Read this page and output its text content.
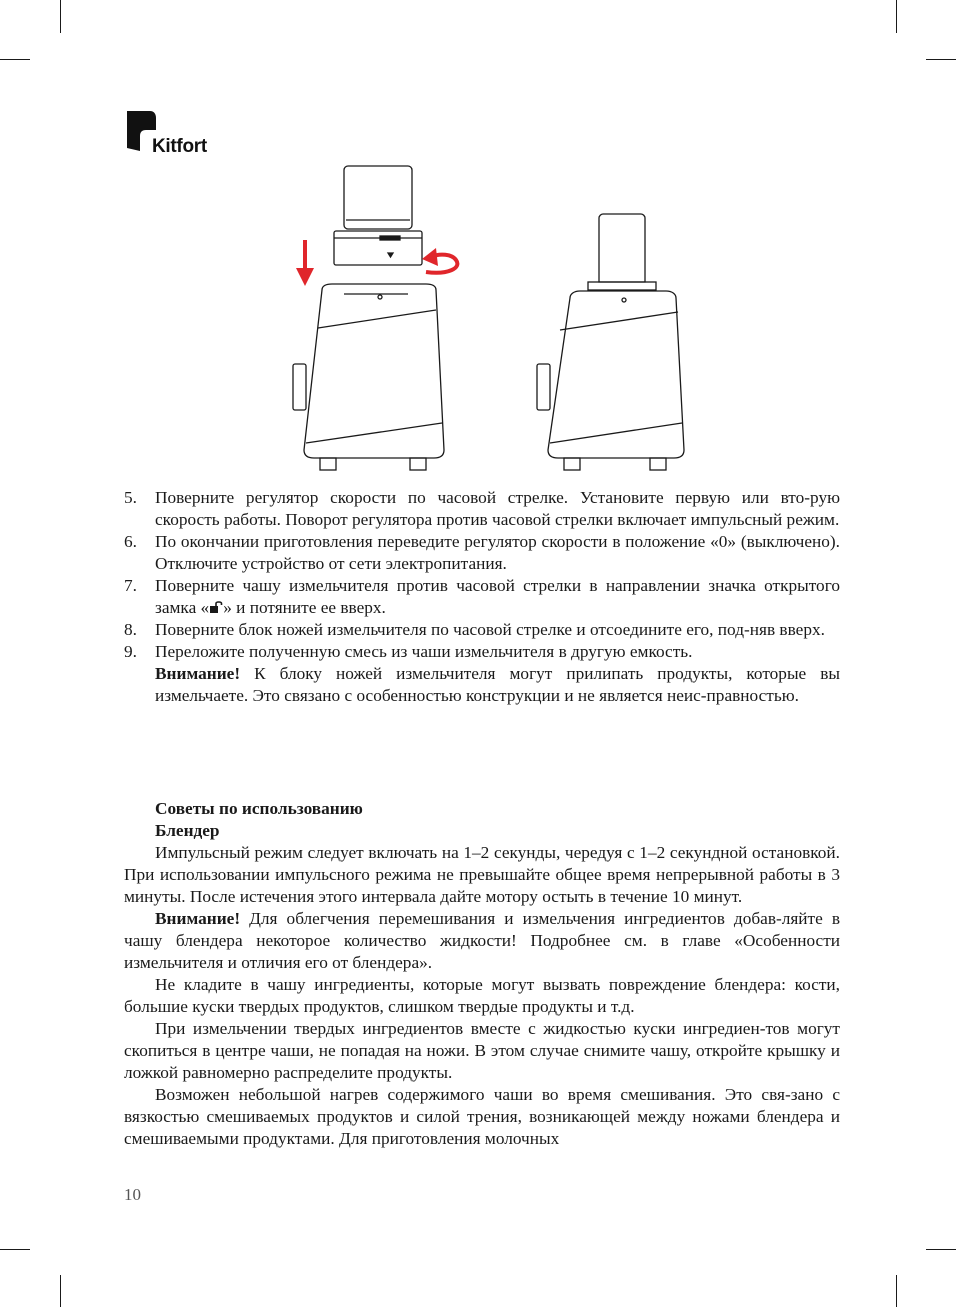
Kitfort
5. Поверните регулятор скорости по часовой стрелке. Установите первую или вто-рую скорость работы. Поворот регулятора против часовой стрелки включает импульсный режим.
6. По окончании приготовления переведите регулятор скорости в положение «0» (выключено). Отключите устройство от сети электропитания.
7. Поверните чашу измельчителя против часовой стрелки в направлении значка открытого замка « » и потяните ее вверх.
8. Поверните блок ножей измельчителя по часовой стрелке и отсоедините его, под-няв вверх.
9. Переложите полученную смесь из чаши измельчителя в другую емкость.

Внимание! К блоку ножей измельчителя могут прилипать продукты, которые вы измельчаете. Это связано с особенностью конструкции и не является неис-правностью.

Советы по использованию

Блендер

Импульсный режим следует включать на 1–2 секунды, чередуя с 1–2 секундной остановкой. При использовании импульсного режима не превышайте общее время непрерывной работы в 3 минуты. После истечения этого интервала дайте мотору остыть в течение 10 минут.

Внимание! Для облегчения перемешивания и измельчения ингредиентов добав-ляйте в чашу блендера некоторое количество жидкости! Подробнее см. в главе «Особенности измельчителя и отличия его от блендера».

Не кладите в чашу ингредиенты, которые могут вызвать повреждение блендера: кости, большие куски твердых продуктов, слишком твердые продукты и т.д.

При измельчении твердых ингредиентов вместе с жидкостью куски ингредиен-тов могут скопиться в центре чаши, не попадая на ножи. В этом случае снимите чашу, откройте крышку и ложкой равномерно распределите продукты.

Возможен небольшой нагрев содержимого чаши во время смешивания. Это свя-зано с вязкостью смешиваемых продуктов и силой трения, возникающей между ножами блендера и смешиваемыми продуктами. Для приготовления молочных

10
